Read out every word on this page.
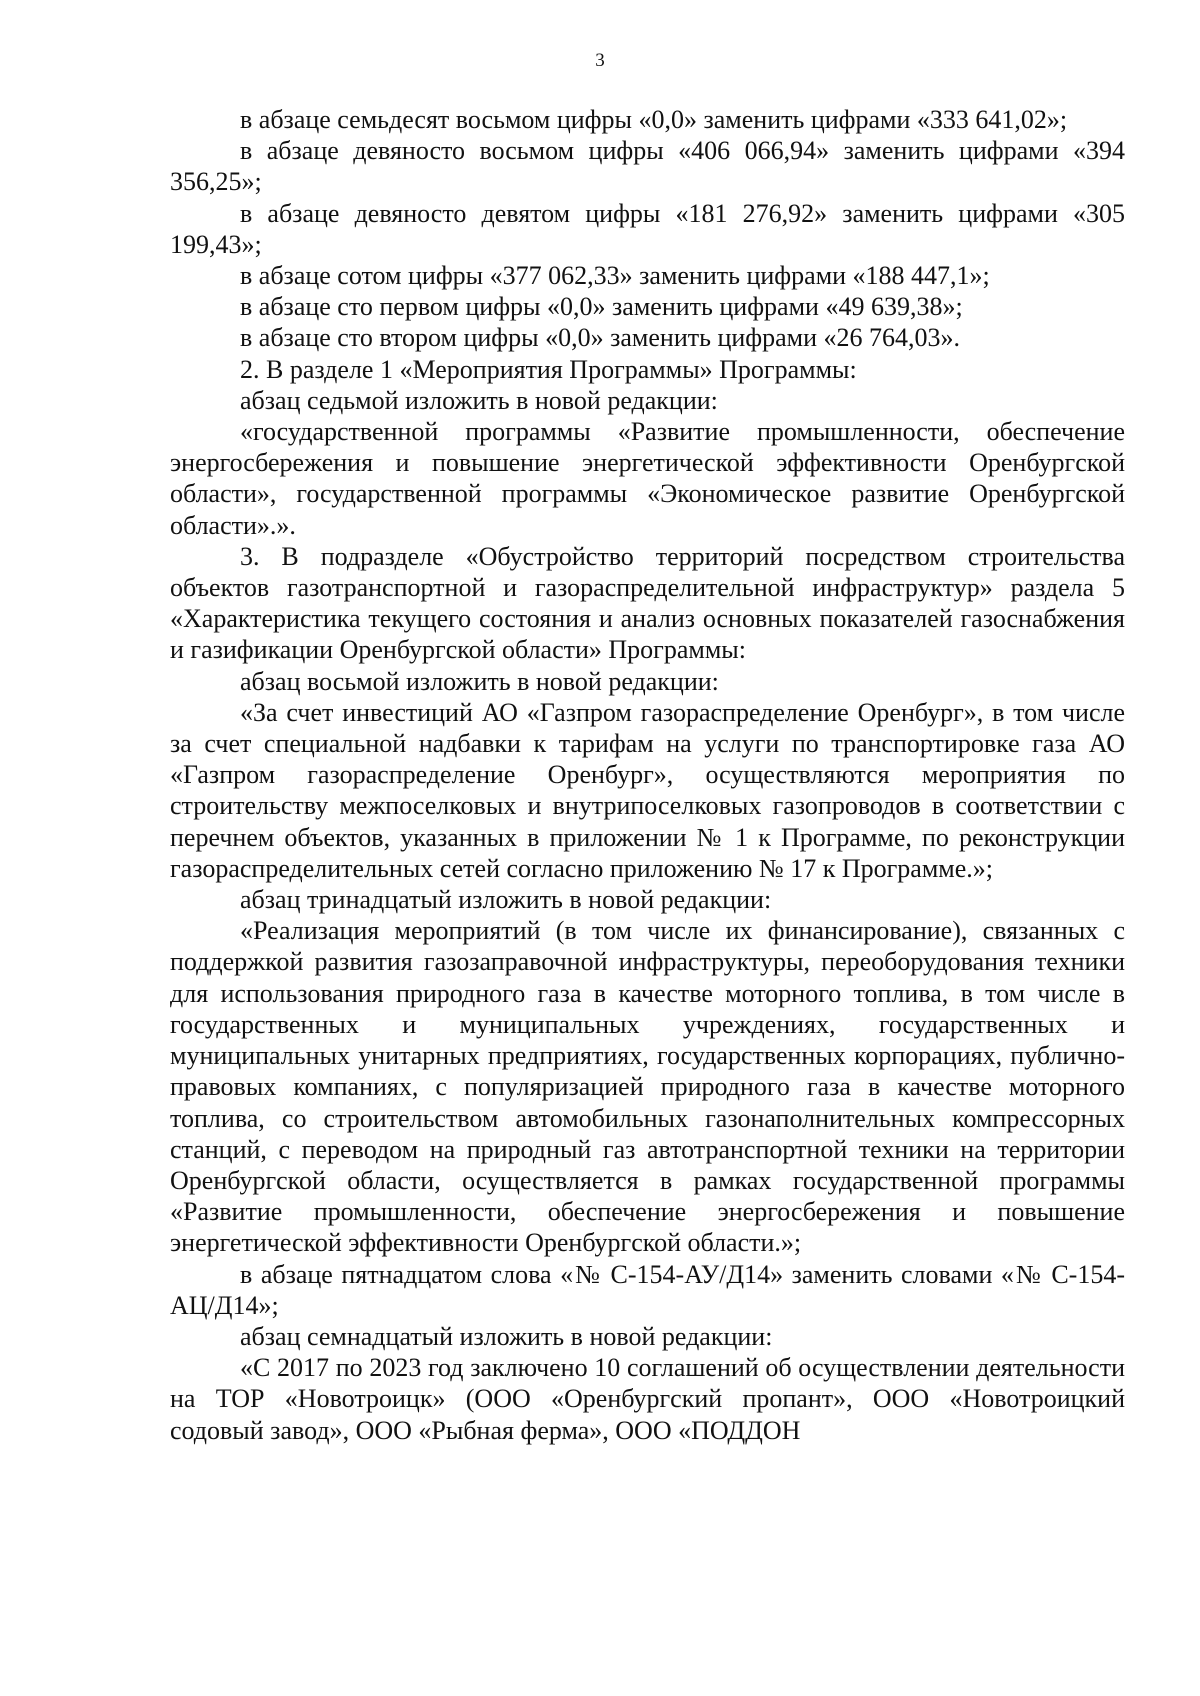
3

в абзаце семьдесят восьмом цифры «0,0» заменить цифрами «333 641,02»;

в абзаце девяносто восьмом цифры «406 066,94» заменить цифрами «394 356,25»;

в абзаце девяносто девятом цифры «181 276,92» заменить цифрами «305 199,43»;

в абзаце сотом цифры «377 062,33» заменить цифрами «188 447,1»;

в абзаце сто первом цифры «0,0» заменить цифрами «49 639,38»;

в абзаце сто втором цифры «0,0» заменить цифрами «26 764,03».

2. В разделе 1 «Мероприятия Программы» Программы:

абзац седьмой изложить в новой редакции:

«государственной программы «Развитие промышленности, обеспечение энергосбережения и повышение энергетической эффективности Оренбургской области», государственной программы «Экономическое развитие Оренбургской области».».

3. В подразделе «Обустройство территорий посредством строительства объектов газотранспортной и газораспределительной инфраструктур» раздела 5 «Характеристика текущего состояния и анализ основных показателей газоснабжения и газификации Оренбургской области» Программы:

абзац восьмой изложить в новой редакции:

«За счет инвестиций АО «Газпром газораспределение Оренбург», в том числе за счет специальной надбавки к тарифам на услуги по транспортировке газа АО «Газпром газораспределение Оренбург», осуществляются мероприятия по строительству межпоселковых и внутрипоселковых газопроводов в соответствии с перечнем объектов, указанных в приложении № 1 к Программе, по реконструкции газораспределительных сетей согласно приложению № 17 к Программе.»;

абзац тринадцатый изложить в новой редакции:

«Реализация мероприятий (в том числе их финансирование), связанных с поддержкой развития газозаправочной инфраструктуры, переоборудования техники для использования природного газа в качестве моторного топлива, в том числе в государственных и муниципальных учреждениях, государственных и муниципальных унитарных предприятиях, государственных корпорациях, публично-правовых компаниях, с популяризацией природного газа в качестве моторного топлива, со строительством автомобильных газонаполнительных компрессорных станций, с переводом на природный газ автотранспортной техники на территории Оренбургской области, осуществляется в рамках государственной программы «Развитие промышленности, обеспечение энергосбережения и повышение энергетической эффективности Оренбургской области.»;

в абзаце пятнадцатом слова «№ С-154-АУ/Д14» заменить словами «№ С-154-АЦ/Д14»;

абзац семнадцатый изложить в новой редакции:

«С 2017 по 2023 год заключено 10 соглашений об осуществлении деятельности на ТОР «Новотроицк» (ООО «Оренбургский пропант», ООО «Новотроицкий содовый завод», ООО «Рыбная ферма», ООО «ПОДДОН
